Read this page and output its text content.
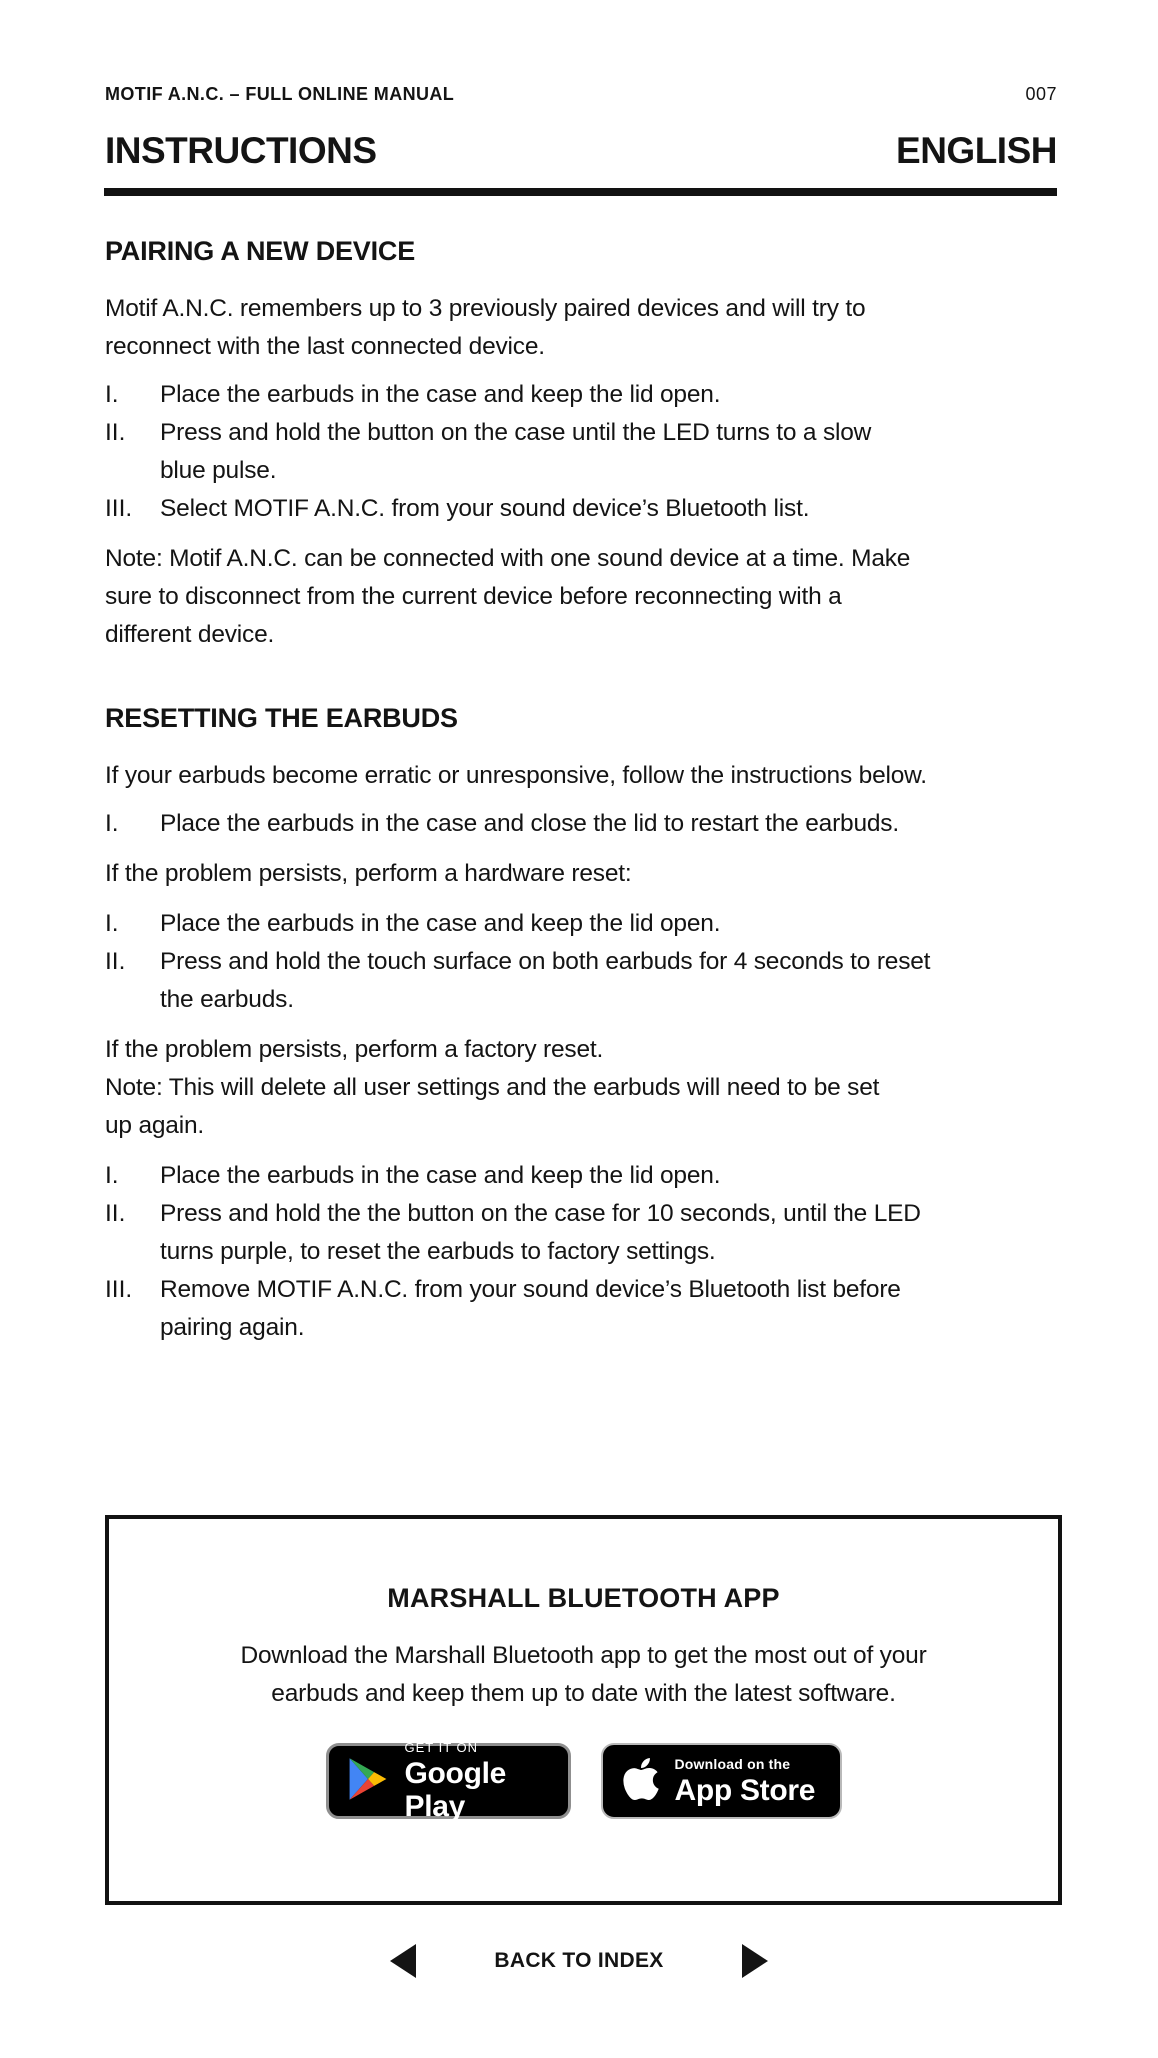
MOTIF A.N.C. – FULL ONLINE MANUAL	007
INSTRUCTIONS	ENGLISH
PAIRING A NEW DEVICE
Motif A.N.C. remembers up to 3 previously paired devices and will try to
reconnect with the last connected device.
I. Place the earbuds in the case and keep the lid open.
II. Press and hold the button on the case until the LED turns to a slow
blue pulse.
III. Select MOTIF A.N.C. from your sound device’s Bluetooth list.
Note: Motif A.N.C. can be connected with one sound device at a time. Make
sure to disconnect from the current device before reconnecting with a
different device.
RESETTING THE EARBUDS
If your earbuds become erratic or unresponsive, follow the instructions below.
I. Place the earbuds in the case and close the lid to restart the earbuds.
If the problem persists, perform a hardware reset:
I. Place the earbuds in the case and keep the lid open.
II. Press and hold the touch surface on both earbuds for 4 seconds to reset
the earbuds.
If the problem persists, perform a factory reset.
Note: This will delete all user settings and the earbuds will need to be set
up again.
I. Place the earbuds in the case and keep the lid open.
II. Press and hold the the button on the case for 10 seconds, until the LED
turns purple, to reset the earbuds to factory settings.
III. Remove MOTIF A.N.C. from your sound device’s Bluetooth list before
pairing again.
MARSHALL BLUETOOTH APP
Download the Marshall Bluetooth app to get the most out of your
earbuds and keep them up to date with the latest software.
GET IT ON
Google Play
Download on the
App Store
BACK TO INDEX
